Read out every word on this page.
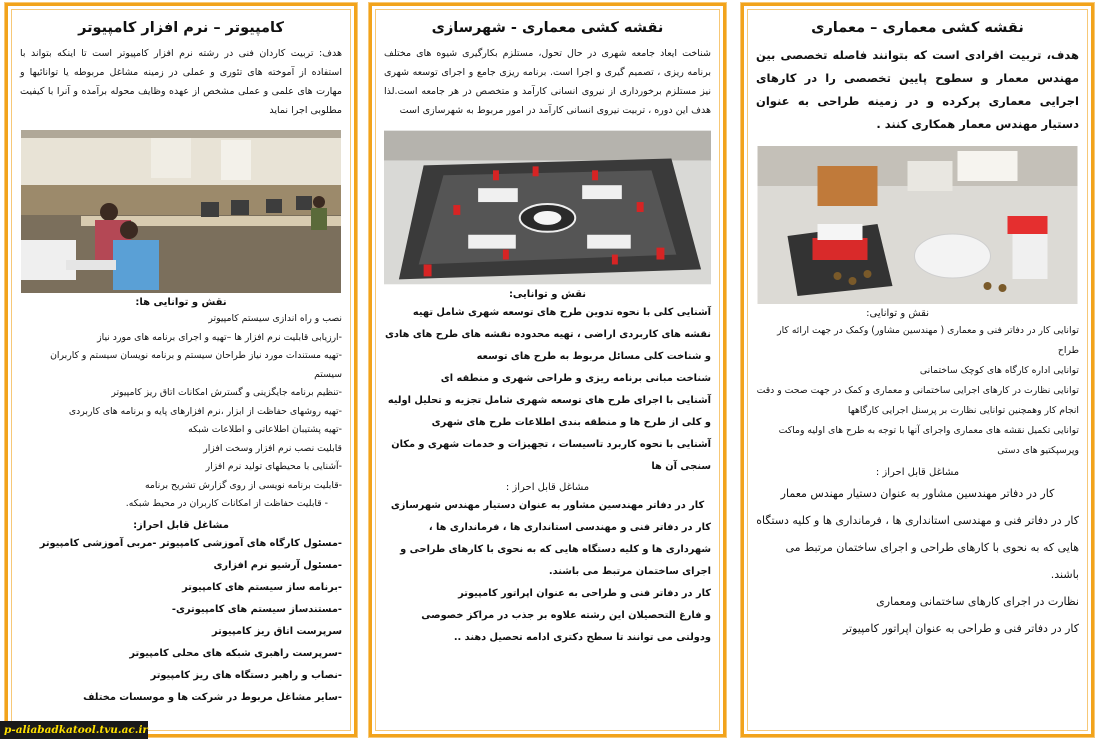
کامپیوتر – نرم افزار کامپیوتر

هدف: تربیت کاردان فنی در رشته نرم افزار کامپیوتر است تا اینکه بتواند با استفاده از آموخته های تئوری و عملی در زمینه مشاغل مربوطه یا توانائیها و مهارت های علمی و عملی مشخص از عهده وظایف محوله برآمده و آنرا با کیفیت مطلوبی اجرا نماید

نقش و توانایی ها:
نصب و راه اندازی سیستم کامپیوتر
-ارزیابی قابلیت نرم افزار ها –تهیه و اجرای برنامه های مورد نیاز
-تهیه مستندات مورد نیاز طراحان سیستم و برنامه نویسان سیستم و کاربران سیستم
-تنظیم برنامه جایگزینی و گسترش امکانات اتاق ریز کامپیوتر
-تهیه روشهای حفاظت از ابزار ،نرم افزارهای پایه و برنامه های کاربردی
-تهیه پشتیبان اطلاعاتی و اطلاعات شبکه
قابلیت نصب نرم افزار وسخت افزار
-آشنایی با محیطهای تولید نرم افزار
-قابلیت برنامه نویسی از روی گزارش تشریح برنامه
- قابلیت حفاظت از امکانات کاربران در محیط شبکه.
مشاغل قابل احراز:
-مسئول کارگاه های آموزشی کامپیوتر -مربی آموزشی کامپیوتر
-مسئول آرشیو نرم افزاری
-برنامه ساز سیستم های کامپیوتر
-مستندساز سیستم های کامپیوتری-
سرپرست اتاق ریز کامپیوتر
-سرپرست راهبری شبکه های محلی کامپیوتر
-نصاب و راهبر دستگاه های ریز کامپیوتر
-سایر مشاغل مربوط در شرکت ها و موسسات مختلف
نقشه کشی معماری - شهرسازی

شناخت ایعاد جامعه شهری در حال تحول، مستلزم بکارگیری شیوه های مختلف برنامه ریزی ، تصمیم گیری و اجرا است. برنامه ریزی جامع و اجرای توسعه شهری نیز مستلزم برخورداری از نیروی انسانی کارآمد و متخصص در هر جامعه است.لذا هدف این دوره ، تربیت نیروی انسانی کارآمد در امور مربوط به شهرسازی است

نقش و توانایی:
آشنایی کلی با نحوه تدوین طرح های توسعه شهری شامل تهیه نقشه های کاربردی اراضی ، تهیه محدوده نقشه های طرح های هادی و شناخت کلی مسائل مربوط به طرح های توسعه
شناخت مبانی برنامه ریزی و طراحی شهری و منطقه ای
آشنایی با اجرای طرح های توسعه شهری شامل تجزیه و تحلیل اولیه و کلی از طرح ها و منطقه بندی اطلاعات طرح های شهری
آشنایی با نحوه کاربرد تاسیسات ، تجهیزات و خدمات شهری و مکان سنجی آن ها
مشاغل قابل احراز :
کار در دفاتر مهندسین مشاور به عنوان دستیار مهندس شهرسازی
کار در دفاتر فنی و مهندسی استانداری ها ، فرمانداری ها ، شهرداری ها و کلیه دستگاه هایی که به نحوی با کارهای طراحی و اجرای ساختمان مرتبط می باشند.
کار در دفاتر فنی و طراحی به عنوان اپراتور کامپیوتر
و فارغ التحصیلان این رشته علاوه بر جذب در مراکز خصوصی ودولتی می توانند تا سطح دکتری ادامه تحصیل دهند ..
نقشه کشی معماری – معماری

هدف، تربیت افرادی است که بتوانند فاصله تخصصی بین مهندس معمار و سطوح پایین تخصصی را در کارهای اجرایی معماری پرکرده و در زمینه طراحی به عنوان دستیار مهندس معمار همکاری کنند .

نقش و توانایی:
توانایی کار در دفاتر فنی و معماری ( مهندسین مشاور) وکمک در جهت ارائه کار طراح
توانایی اداره کارگاه های کوچک ساختمانی
توانایی نظارت در کارهای اجرایی ساختمانی و معماری و کمک در جهت صحت و دقت انجام کار وهمچنین توانایی نظارت بر پرسنل اجرایی کارگاهها
توانایی تکمیل نقشه های معماری واجرای آنها با توجه به طرح های اولیه وماکت وپرسپکتیو های دستی
مشاغل قابل احراز :
کار در دفاتر مهندسین مشاور به عنوان دستیار مهندس معمار
کار در دفاتر فنی و مهندسی استانداری ها ، فرمانداری ها و کلیه دستگاه هایی که به نحوی با کارهای طراحی و اجرای ساختمان مرتبط می باشند.
نظارت در اجرای کارهای ساختمانی ومعماری
کار در دفاتر فنی و طراحی به عنوان اپراتور کامپیوتر
p-aliabadkatool.tvu.ac.ir
